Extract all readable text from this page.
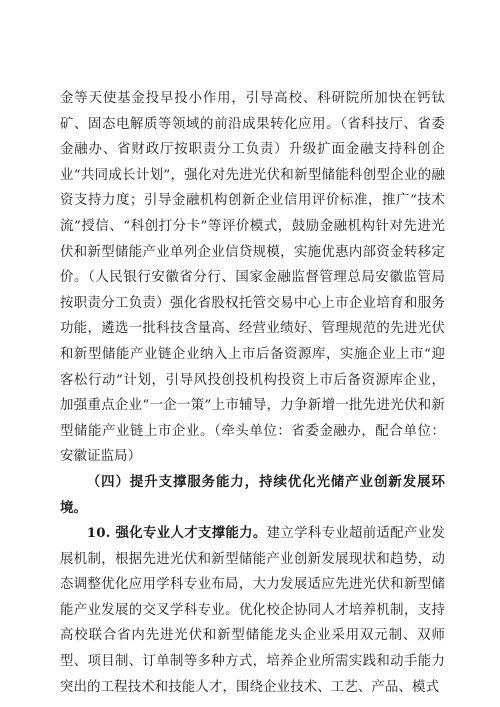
金等天使基金投早投小作用，引导高校、科研院所加快在钙钛矿、固态电解质等领域的前沿成果转化应用。（省科技厅、省委金融办、省财政厅按职责分工负责）升级扩面金融支持科创企业“共同成长计划”，强化对先进光伏和新型储能科创型企业的融资支持力度；引导金融机构创新企业信用评价标准，推广“技术流”授信、“科创打分卡”等评价模式，鼓励金融机构针对先进光伏和新型储能产业单列企业信贷规模，实施优惠内部资金转移定价。（人民银行安徽省分行、国家金融监督管理总局安徽监管局按职责分工负责）强化省股权托管交易中心上市企业培育和服务功能，遴选一批科技含量高、经营业绩好、管理规范的先进光伏和新型储能产业链企业纳入上市后备资源库，实施企业上市“迎客松行动”计划，引导风投创投机构投资上市后备资源库企业，加强重点企业“一企一策”上市辅导，力争新增一批先进光伏和新型储能产业链上市企业。（牵头单位：省委金融办，配合单位：安徽证监局）

（四）提升支撑服务能力，持续优化光储产业创新发展环境。

10. 强化专业人才支撑能力。建立学科专业超前适配产业发展机制，根据先进光伏和新型储能产业创新发展现状和趋势，动态调整优化应用学科专业布局，大力发展适应先进光伏和新型储能产业发展的交叉学科专业。优化校企协同人才培养机制，支持高校联合省内先进光伏和新型储能龙头企业采用双元制、双师型、项目制、订单制等多种方式，培养企业所需实践和动手能力突出的工程技术和技能人才，围绕企业技术、工艺、产品、模式
